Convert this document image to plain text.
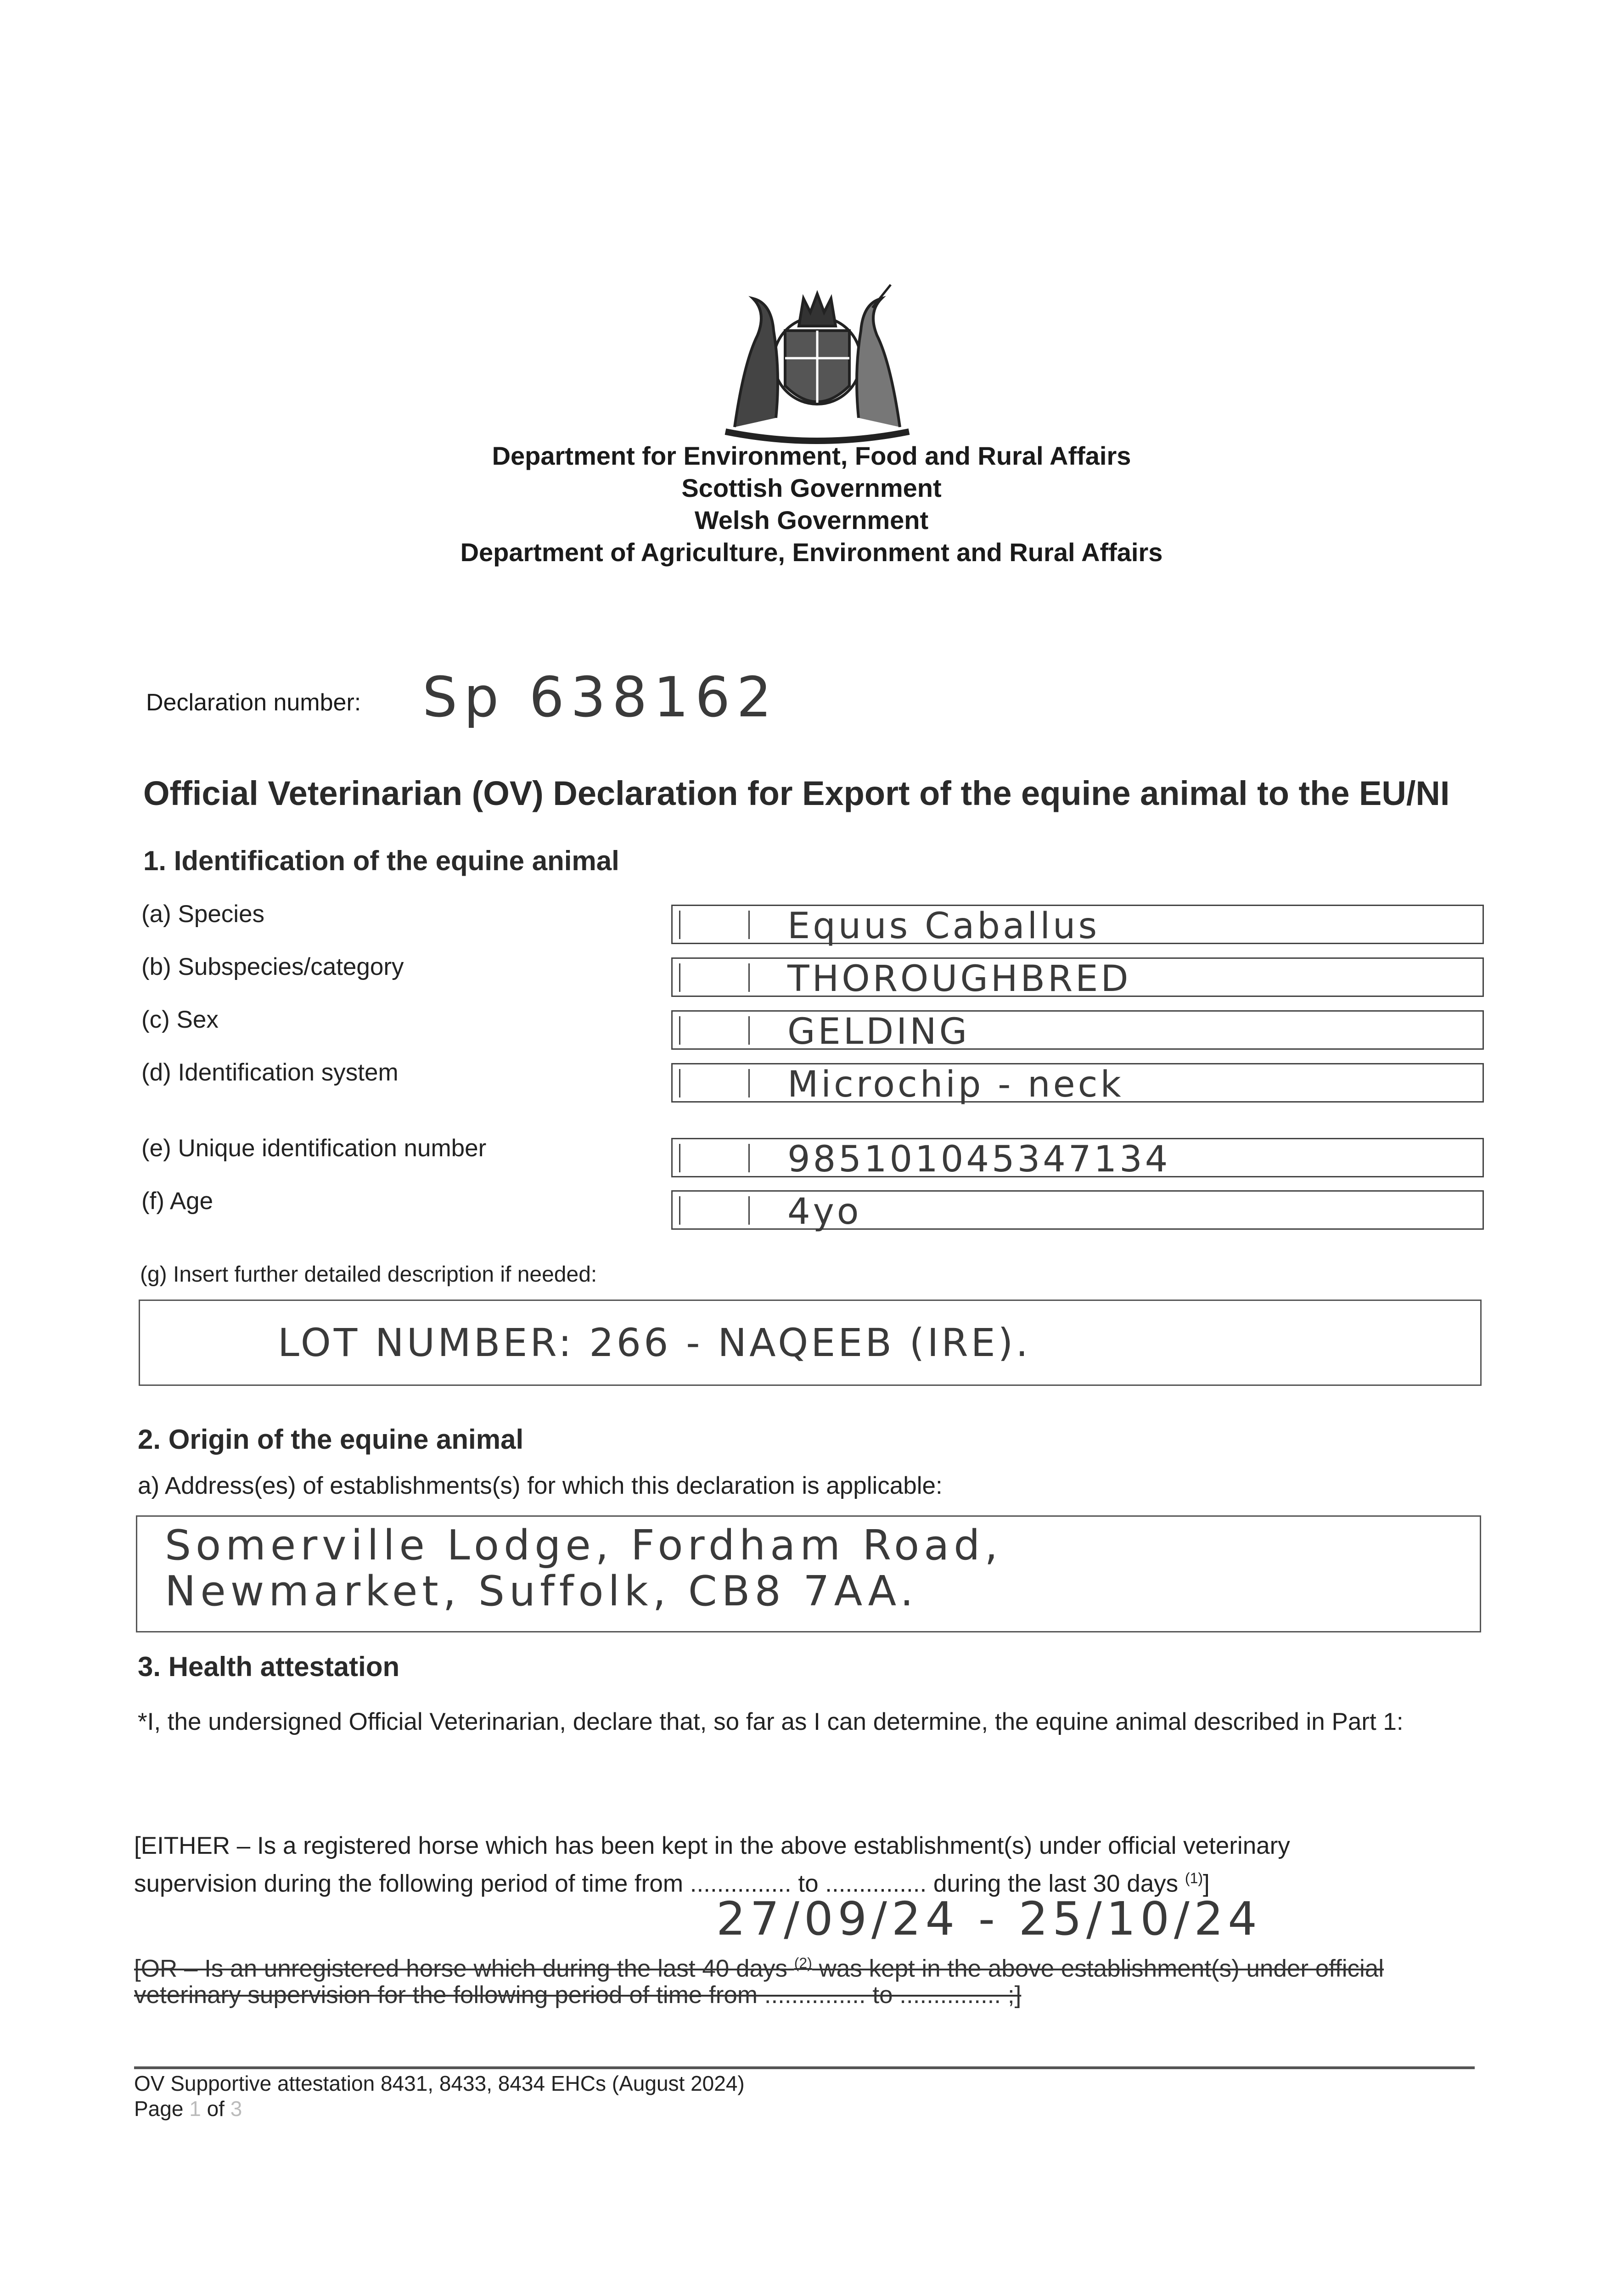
Department for Environment, Food and Rural Affairs
Scottish Government
Welsh Government
Department of Agriculture, Environment and Rural Affairs
Declaration number: Sp 638162
Official Veterinarian (OV) Declaration for Export of the equine animal to the EU/NI
1. Identification of the equine animal
(a) Species	Equus Caballus
(b) Subspecies/category	THOROUGHBRED
(c) Sex	GELDING
(d) Identification system	Microchip - neck
(e) Unique identification number	985101045347134
(f) Age	4yo
(g) Insert further detailed description if needed:
LOT NUMBER: 266 - NAQEEB (IRE).
2. Origin of the equine animal
a) Address(es) of establishments(s) for which this declaration is applicable:
Somerville Lodge, Fordham Road,
Newmarket, Suffolk, CB8 7AA.
3. Health attestation
*I, the undersigned Official Veterinarian, declare that, so far as I can determine, the equine animal described in Part 1:
[EITHER – Is a registered horse which has been kept in the above establishment(s) under official veterinary
supervision during the following period of time from ............... to ............... during the last 30 days $^{(1)}$]
27/09/24 - 25/10/24
[OR – Is an unregistered horse which during the last 40 days $^{(2)}$ was kept in the above establishment(s) under official
veterinary supervision for the following period of time from ............... to ............... ;]
OV Supportive attestation 8431, 8433, 8434 EHCs (August 2024)
Page 1 of 3
